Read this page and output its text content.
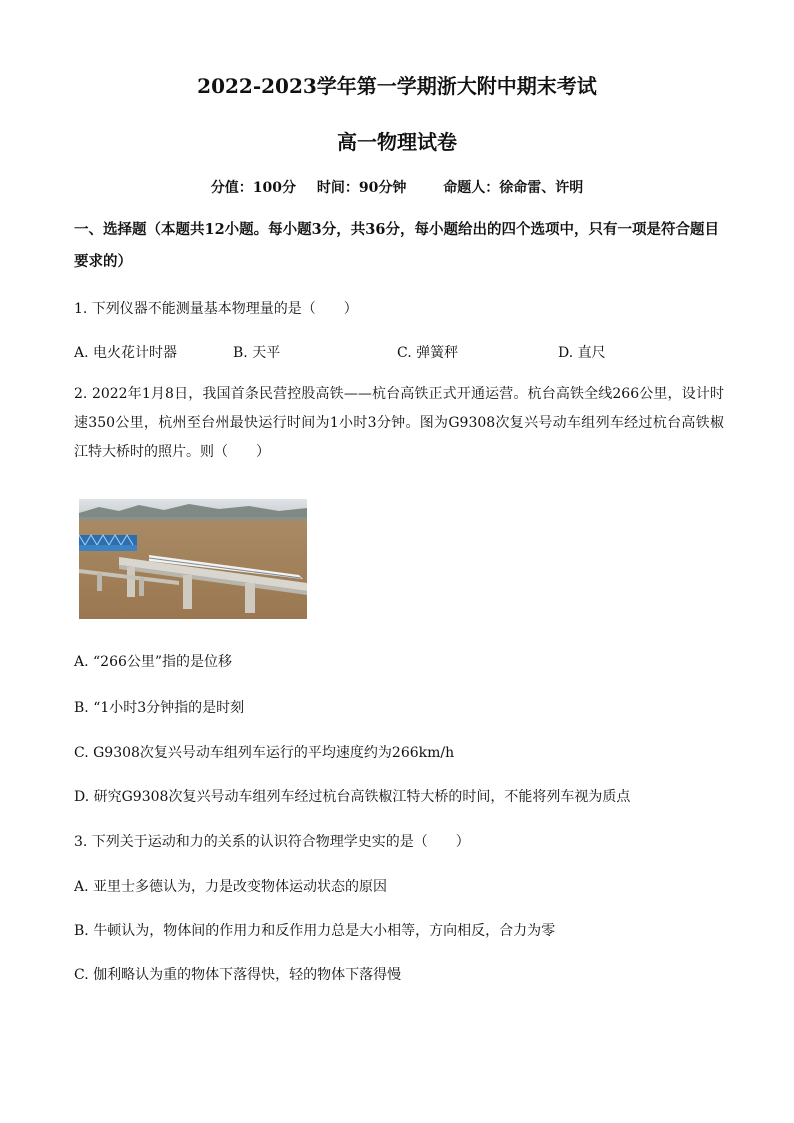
2022-2023学年第一学期浙大附中期末考试
高一物理试卷
分值：100分 时间：90分钟	命题人：徐命雷、许明
一、选择题（本题共12小题。每小题3分，共36分，每小题给出的四个选项中，只有一项是符合题目要求的）
1. 下列仪器不能测量基本物理量的是（　　）
A. 电火花计时器	B. 天平	C. 弹簧秤	D. 直尺
2. 2022年1月8日，我国首条民营控股高铁——杭台高铁正式开通运营。杭台高铁全线266公里，设计时速350公里，杭州至台州最快运行时间为1小时3分钟。图为G9308次复兴号动车组列车经过杭台高铁椒江特大桥时的照片。则（　　）
A. “266公里”指的是位移
B. “1小时3分钟指的是时刻
C. G9308次复兴号动车组列车运行的平均速度约为266km/h
D. 研究G9308次复兴号动车组列车经过杭台高铁椒江特大桥的时间，不能将列车视为质点
3. 下列关于运动和力的关系的认识符合物理学史实的是（　　）
A. 亚里士多德认为，力是改变物体运动状态的原因
B. 牛顿认为，物体间的作用力和反作用力总是大小相等，方向相反，合力为零
C. 伽利略认为重的物体下落得快，轻的物体下落得慢
